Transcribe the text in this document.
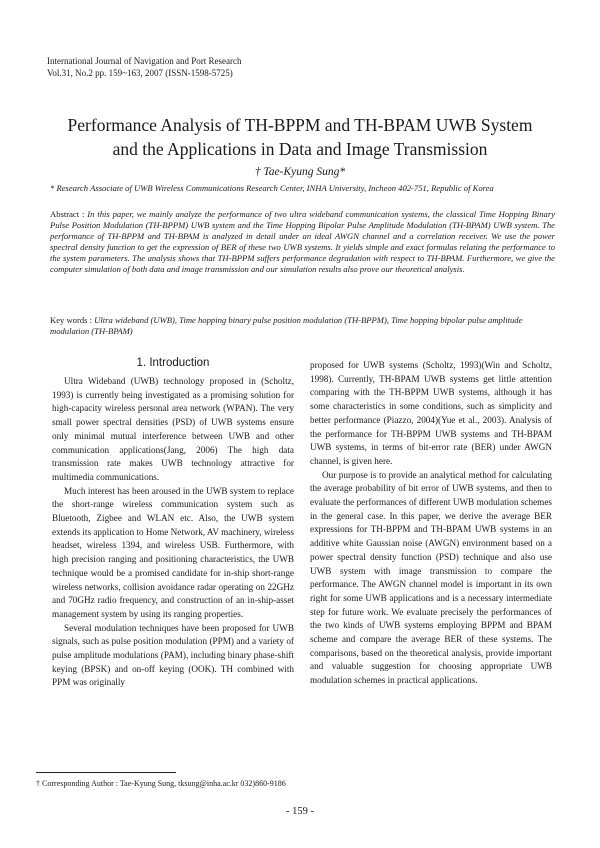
International Journal of Navigation and Port Research
Vol.31, No.2 pp. 159~163, 2007 (ISSN-1598-5725)
Performance Analysis of TH-BPPM and TH-BPAM UWB System
and the Applications in Data and Image Transmission
† Tae-Kyung Sung*
* Research Associate of UWB Wireless Communications Research Center, INHA University, Incheon 402-751, Republic of Korea
Abstract : In this paper, we mainly analyze the performance of two ultra wideband communication systems, the classical Time Hopping Binary Pulse Position Modulation (TH-BPPM) UWB system and the Time Hopping Bipolar Pulse Amplitude Modulation (TH-BPAM) UWB system. The performance of TH-BPPM and TH-BPAM is analyzed in detail under an ideal AWGN channel and a correlation receiver. We use the power spectral density function to get the expression of BER of these two UWB systems. It yields simple and exact formulas relating the performance to the system parameters. The analysis shows that TH-BPPM suffers performance degradation with respect to TH-BPAM. Furthermore, we give the computer simulation of both data and image transmission and our simulation results also prove our theoretical analysis.
Key words : Ultra wideband (UWB), Time hopping binary pulse position modulation (TH-BPPM), Time hopping bipolar pulse amplitude modulation (TH-BPAM)
1. Introduction

Ultra Wideband (UWB) technology proposed in (Scholtz, 1993) is currently being investigated as a promising solution for high-capacity wireless personal area network (WPAN). The very small power spectral densities (PSD) of UWB systems ensure only minimal mutual interference between UWB and other communication applications(Jang, 2006) The high data transmission rate makes UWB technology attractive for multimedia communications.

Much interest has been aroused in the UWB system to replace the short-range wireless communication system such as Bluetooth, Zigbee and WLAN etc. Also, the UWB system extends its application to Home Network, AV machinery, wireless headset, wireless 1394, and wireless USB. Furthermore, with high precision ranging and positioning characteristics, the UWB technique would be a promised candidate for in-ship short-range wireless networks, collision avoidance radar operating on 22GHz and 70GHz radio frequency, and construction of an in-ship-asset management system by using its ranging properties.

Several modulation techniques have been proposed for UWB signals, such as pulse position modulation (PPM) and a variety of pulse amplitude modulations (PAM), including binary phase-shift keying (BPSK) and on-off keying (OOK). TH combined with PPM was originally

proposed for UWB systems (Scholtz, 1993)(Win and Scholtz, 1998). Currently, TH-BPAM UWB systems get little attention comparing with the TH-BPPM UWB systems, although it has some characteristics in some conditions, such as simplicity and better performance (Piazzo, 2004)(Yue et al., 2003). Analysis of the performance for TH-BPPM UWB systems and TH-BPAM UWB systems, in terms of bit-error rate (BER) under AWGN channel, is given here.

Our purpose is to provide an analytical method for calculating the average probability of bit error of UWB systems, and then to evaluate the performances of different UWB modulation schemes in the general case. In this paper, we derive the average BER expressions for TH-BPPM and TH-BPAM UWB systems in an additive white Gaussian noise (AWGN) environment based on a power spectral density function (PSD) technique and also use UWB system with image transmission to compare the performance. The AWGN channel model is important in its own right for some UWB applications and is a necessary intermediate step for future work. We evaluate precisely the performances of the two kinds of UWB systems employing BPPM and BPAM scheme and compare the average BER of these systems. The comparisons, based on the theoretical analysis, provide important and valuable suggestion for choosing appropriate UWB modulation schemes in practical applications.

† Corresponding Author : Tae-Kyung Sung, tksung@inha.ac.kr 032)860-9186
- 159 -
